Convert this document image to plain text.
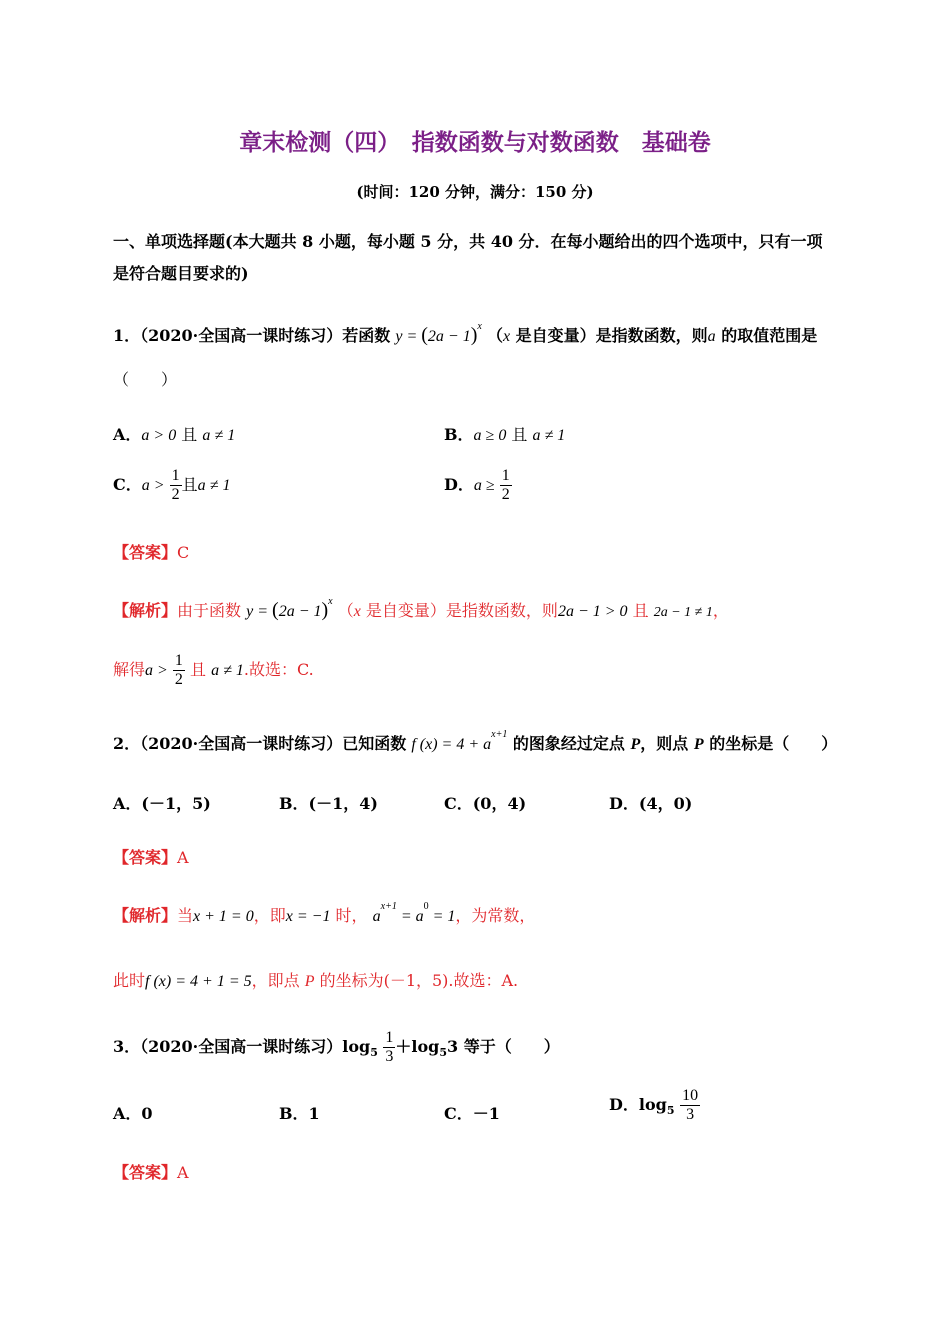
章末检测（四）　指数函数与对数函数　基础卷
(时间：120 分钟，满分：150 分)
一、单项选择题(本大题共 8 小题，每小题 5 分，共 40 分．在每小题给出的四个选项中，只有一项
是符合题目要求的)
1．（2020·全国高一课时练习）若函数 $y = (2a - 1)^x$ （x 是自变量）是指数函数，则a 的取值范围是
（　　）
A．a > 0 且 a ≠ 1	B．a ≥ 0 且 a ≠ 1
C．$a > \frac{1}{2}$ 且a ≠ 1	D．$a \ge \frac{1}{2}$
【答案】C
【解析】由于函数 $y = (2a - 1)^x$ （x 是自变量）是指数函数，则2a − 1 > 0 且 2a − 1 ≠ 1，
解得$a > \frac{1}{2}$ 且 a ≠ 1.故选：C.
2．（2020·全国高一课时练习）已知函数 f $(x) = 4 + a^{x+1}$ 的图象经过定点 P，则点 P 的坐标是（　　）
A．(－1，5)	B．(－1，4)	C．(0，4)	D．(4，0)
【答案】A
【解析】当x + 1 = 0，即x = −1 时， $a^{x+1} = a^0 = 1$，为常数，
此时f (x) = 4 + 1 = 5，即点 P 的坐标为(－1，5).故选：A.
3．（2020·全国高一课时练习）$\log_5 \frac{1}{3} +\log_53$ 等于（　　）
A．0	B．1	C．－1	D．$\log_5 \frac{10}{3}$
【答案】A
